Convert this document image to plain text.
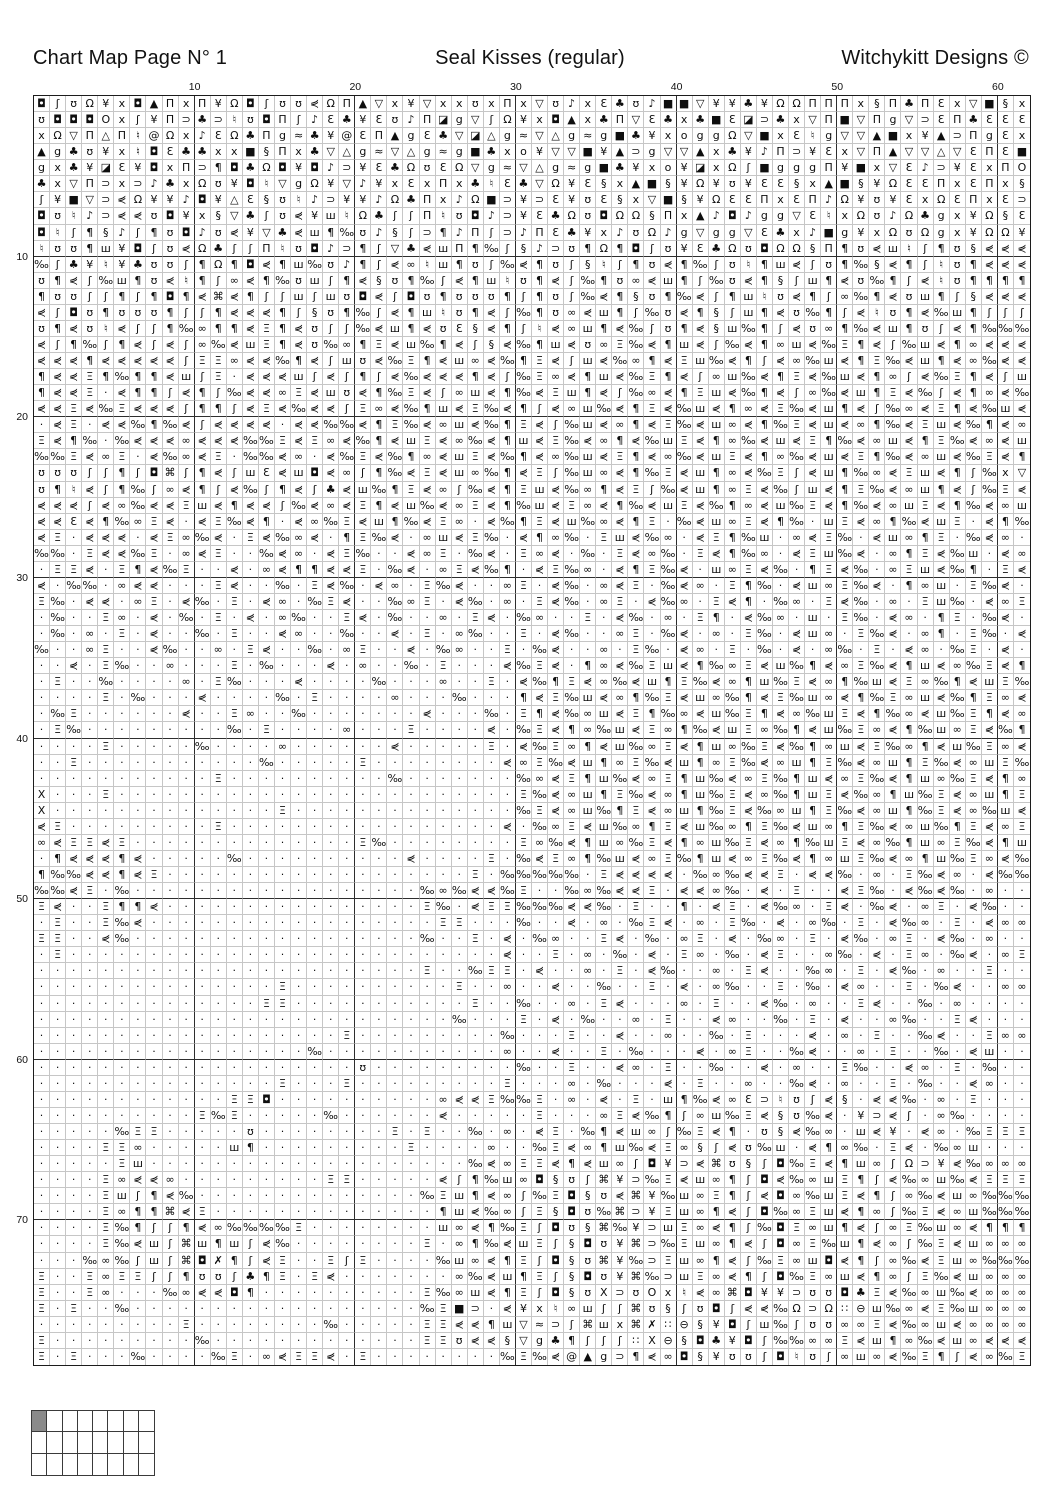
Chart Map Page N° 1	Seal Kisses (regular)	Witchykitt Designs ©
◘ ʃ ʊ Ω ¥ x ◘ ▲ Π x Π ¥ Ω ◘ ʃ ʊ ʊ ⋞ Ω Π ▲ ▽ x ¥ ▽ x x ʊ x Π x ▽ ʊ ♪ x Ɛ ♣ ʊ ♪ ■ ■ ▽ ¥ ¥ ♣ ¥ Ω Ω Π Π Π x § Π ♣ Π Ɛ x ▽ ■ § x
ʊ ◘ ◘ ◘ O x ʃ ¥ Π ⊃ ♣ ⊃ ♮ ʊ ◘ Π ʃ ♪ Ɛ ♣ ¥ Ɛ ʊ ♪ Π ◪ g ▽ ʃ Ω ¥ x ◘ ▲ x ♣ Π ▽ Ɛ ♣ x ♣ ■ Ɛ ◪ ⊃ ♣ x ▽ Π ■ ▽ Π g ▽ ⊃ Ɛ Π ♣ Ɛ Ɛ Ɛ
x Ω ▽ Π △ Π ♮ @ Ω x ♪ Ɛ Ω ♣ Π g ≈ ♣ ¥ @ Ɛ Π ▲ g Ɛ ♣ ▽ ◪ △ g ≈ ▽ △ g ≈ g ■ ♣ ¥ x o g g Ω ▽ ■ x Ɛ ♮ g ▽ ▽ ▲ ■ x ¥ ▲ ⊃ Π g Ɛ x
▲ g ♣ ʊ ¥ x ♮ ◘ Ɛ ♣ ♣ x x ■ § Π x ♣ ▽ △ g ≈ ▽ △ g ≈ g ■ ♣ x o ¥ ▽ ▽ ■ ¥ ▲ ⊃ g ▽ ▽ ▲ x ♣ ¥ ♪ Π ⊃ ¥ Ɛ x ▽ Π ▲ ▽ ▽ △ ▽ Ɛ Π Ɛ ■
g x ♣ ¥ ◪ Ɛ ¥ ◘ x Π ⊃ ¶ ◘ ♣ Ω ◘ ¥ ◘ ♪ ⊃ ¥ Ɛ ♣ Ω ʊ Ɛ Ω ▽ g ≈ ▽ △ g ≈ g ■ ♣ ¥ x o ¥ ◪ x Ω ʃ ■ g g g Π ¥ ■ x ▽ Ɛ ♪ ⊃ ¥ Ɛ x Π O
♣ x ▽ Π ⊃ x ⊃ ♪ ♣ x Ω ʊ ¥ ◘ ♮ ▽ g Ω ¥ ▽ ♪ ¥ x Ɛ x Π x ♣ ♮ Ɛ ♣ ▽ Ω ¥ Ɛ § x ▲ ■ § ¥ Ω ¥ ʊ ¥ Ɛ Ɛ § x ▲ ■ § ¥ Ω Ɛ Ɛ Π x Ɛ Π x §
ʃ ¥ ■ ▽ ⊃ ⋞ Ω ¥ ¥ ♪ ◘ ¥ △ Ɛ § ʊ ♮ ♪ ⊃ ¥ ¥ ♪ Ω ♣ Π x ♪ Ω ■ ⊃ ¥ ⊃ Ɛ ¥ ʊ Ɛ § x ▽ ■ § ¥ Ω Ɛ Ɛ Π x Ɛ Π ♪ Ω ¥ ʊ ¥ Ɛ x Ω Ɛ Π x Ɛ ⊃
◘ ʊ ♮ ♪ ⊃ ⋞ ⋞ ʊ ◘ ¥ x § ▽ ♣ ʃ ʊ ⋞ ¥ ш ♮ Ω ♣ ʃ	ʃ Π ♮ ʊ ◘ ♪ ⊃ ¥ Ɛ ♣ Ω ʊ ◘ Ω Ω § Π x ▲ ♪ ◘ ♪ g g ▽ Ɛ ♮ x Ω ʊ ♪ Ω ♣ g x ¥ Ω § Ɛ
◘ ♮	ʃ ¶ § ♪ ʃ ¶ ʊ ◘ ♪ ʊ ⋞ ¥ ▽ ♣ ⋞ ш ¶ ‰ ʊ ♪ §	ʃ ⊃ ¶ ♪ Π ʃ ⊃ ♪ Π Ɛ ♣ ¥ x ♪ ʊ Ω ♪ g ▽ g g ▽ Ɛ ♣ x ♪ ■ g ¥ x Ω ʊ Ω g x ¥ Ω Ω ¥
♮ ʊ ʊ ¶ ш ¥ ◘ ʃ ʊ ⋞ Ω ♣ ʃ	ʃ Π ♮ ʊ ◘ ♪ ⊃ ¶ ʃ ▽ ♣ ⋞ ш Π ¶ ‰ ʃ	§ ♪ ⊃ ʊ ¶ Ω ¶ ◘ ʃ ʊ ¥ Ɛ ♣ Ω ʊ ◘ Ω Ω § Π ¶ ʊ ⋞ ш ♮	ʃ ¶ ʊ § ⋞ ⋞ ⋞
‰ ʃ ♣ ¥ ♮ ¥ ♣ ʊ ʊ ʃ ¶ Ω ¶ ◘ ⋞ ¶ ш ‰ ʊ ♪ ¶ ʃ ⋞ ∞ ♮ ш ¶ ʊ ʃ ‰ ⋞ ¶ ʊ ʃ	§	♮	ʃ ¶ ʊ ⋞ ¶ ‰ ʃ ʊ ♮ ¶ ш ⋞ ʃ ʊ ¶ ‰ § ⋞ ¶ ʃ	♮ ʊ ¶ ⋞ ⋞ ⋞
ʊ ¶ ⋞ ʃ ‰ ш ¶ ʊ ⋞ ♮ ¶ ʃ ∞ ⋞ ¶ ‰ ʊ ш ʃ ¶ ⋞ § ʊ ¶ ‰ ʃ ⋞ ¶ ш ♮ ʊ ¶ ⋞ ʃ ‰ ¶ ʊ ∞ ⋞ ш ¶ ʃ ‰ ʊ ⋞ ¶ §	ʃ ш ¶ ⋞ ʊ ‰ ¶ ʃ ⋞ ♮ ʊ ¶ ¶ ¶ ¶
¶ ʊ ʊ ʃ	ʃ ¶ ʃ ¶ ◘ ¶ ⋞ ⌘ ⋞ ¶ ʃ	ʃ ш ʃ ш ʊ ◘ ⋞ ʃ ◘ ʊ ¶ ʊ ʊ ʊ ¶ ʃ ¶ ʊ ʃ ‰ ⋞ ¶ § ʊ ¶ ‰ ⋞ ʃ ¶ ш ♮ ʊ ⋞ ¶ ʃ ∞ ‰ ¶ ⋞ ʊ ш ¶ ʃ	§ ⋞ ⋞ ⋞
⋞ ʃ ◘ ʊ ¶ ʊ ʊ ʊ ¶ ʃ	ʃ ¶ ⋞ ⋞ ⋞ ¶ ʃ	§ ʊ ¶ ‰ ʃ ⋞ ¶ ш ♮ ʊ ¶ ⋞ ʃ ‰ ¶ ʊ ∞ ⋞ ш ¶ ʃ ‰ ʊ ⋞ ¶ §	ʃ ш ¶ ⋞ ʊ ‰ ¶ ʃ ⋞ ♮ ʊ ¶ ⋞ ‰ ш ¶ ʃ	ʃ	ʃ
ʊ ¶ ⋞ ʊ ♮ ⋞ ʃ	ʃ ¶ ‰ ∞ ¶ ¶ ⋞ Ξ ¶ ⋞ ʊ ʃ	ʃ ‰ ⋞ ш ¶ ⋞ ʊ Ɛ § ⋞ ¶ ʃ	♮ ⋞ ∞ ш ¶ ⋞ ‰ ʃ ʊ ¶ ⋞ § ш ‰ ¶ ʃ ⋞ ʊ ∞ ¶ ‰ ⋞ ш ¶ ʊ ʃ ⋞ ¶ ‰ ‰ ‰
⋞ ʃ ¶ ‰ ʃ ¶ ⋞ ʃ ⋞ ʃ ∞ ‰ ⋞ ш Ξ ¶ ⋞ ʊ ‰ ∞ ¶ Ξ ⋞ ш ‰ ¶ ⋞ ʃ	§ ⋞ ‰ ¶ ш ⋞ ʊ ∞ Ξ ‰ ⋞ ¶ ш ⋞ ʃ ‰ ⋞ ¶ ∞ ш ⋞ ‰ Ξ ¶ ⋞ ʃ ‰ ш ⋞ ¶ ∞ ⋞ ⋞ ⋞
⋞ ⋞ ⋞ ¶ ⋞ ⋞ ⋞ ⋞ ⋞ ʃ Ξ Ξ ∞ ⋞ ⋞ ‰ ¶ ⋞ ʃ ш ʊ ⋞ ‰ Ξ ¶ ⋞ ш ∞ ⋞ ‰ ¶ Ξ ⋞ ʃ ш ⋞ ‰ ∞ ¶ ⋞ Ξ ш ‰ ⋞ ¶ ʃ ⋞ ∞ ‰ ш ⋞ ¶ Ξ ‰ ⋞ ш ¶ ⋞ ∞ ‰ ⋞ ⋞
¶ ⋞ ⋞ Ξ ¶ ‰ ¶ ¶ ⋞ ш ʃ Ξ · ⋞ ⋞ ⋞ ш ʃ ⋞ ʃ ¶ ʃ ⋞ ‰ ⋞ ⋞ ⋞ ¶ ⋞ ʃ ‰ Ξ ∞ ⋞ ¶ ш ⋞ ‰ Ξ ¶ ⋞ ʃ ∞ ш ‰ ⋞ ¶ Ξ ⋞ ‰ ш ⋞ ¶ ∞ ʃ ⋞ ‰ Ξ ¶ ⋞ ʃ ш
¶ ⋞ ⋞ Ξ · ⋞ ¶ ¶ ʃ ⋞ ¶ ʃ ‰ ⋞ ⋞ ∞ Ξ ⋞ ш ʊ ⋞ ¶ ‰ Ξ ⋞ ʃ ∞ ш ⋞ ¶ ‰ ⋞ Ξ ш ¶ ⋞ ʃ ‰ ∞ ⋞ ¶ Ξ ш ⋞ ‰ ¶ ⋞ ʃ ∞ ‰ ⋞ ш ¶ Ξ ⋞ ‰ ʃ ⋞ ¶ ∞ ⋞ ‰
⋞ ⋞ Ξ ⋞ ‰ Ξ ⋞ ⋞ ⋞ ʃ ¶ ¶ ʃ ⋞ Ξ ⋞ ‰ ⋞ ⋞ ʃ Ξ ∞ ⋞ ‰ ¶ ш ⋞ Ξ ‰ ⋞ ¶ ʃ ⋞ ∞ ш ‰ ⋞ ¶ Ξ ⋞ ‰ ш ⋞ ¶ ∞ ⋞ Ξ ‰ ⋞ ш ¶ ⋞ ʃ ‰ ∞ ⋞ Ξ ¶ ⋞ ‰ ш ⋞
· ⋞ Ξ · ⋞ ⋞ ‰ ¶ ‰ ⋞ ʃ ⋞ ⋞ ⋞ ⋞ · ⋞ ⋞ ‰ ‰ ⋞ ¶ Ξ ‰ ⋞ ∞ ш ⋞ ‰ ¶ Ξ ⋞ ʃ ‰ ш ⋞ ∞ ¶ ⋞ Ξ ‰ ⋞ ш ∞ ⋞ ¶ ‰ Ξ ⋞ ш ⋞ ∞ ¶ ‰ ⋞ Ξ ш ⋞ ‰ ¶ ⋞ ∞
Ξ ⋞ ¶ ‰ · ‰ ⋞ ⋞ ⋞ ∞ ⋞ ⋞ ⋞ ‰ ‰ Ξ ⋞ Ξ ∞ ⋞ ‰ ¶ ⋞ ш Ξ ⋞ ∞ ‰ ⋞ ¶ ш ⋞ Ξ ‰ ⋞ ∞ ¶ ⋞ ‰ ш Ξ ⋞ ¶ ∞ ‰ ⋞ ш ⋞ Ξ ¶ ‰ ⋞ ∞ ш ⋞ ¶ Ξ ‰ ⋞ ∞ ⋞ ш
‰ ‰ Ξ ⋞ ∞ Ξ · ⋞ ‰ ∞ ⋞ Ξ · ‰ ‰ ⋞ ∞ · ⋞ ‰ Ξ ⋞ ‰ ¶ ∞ ⋞ ш Ξ ⋞ ‰ ¶ ⋞ ∞ ‰ ш ⋞ Ξ ¶ ⋞ ∞ ‰ ⋞ ш Ξ ⋞ ¶ ∞ ‰ ⋞ ш ⋞ Ξ ¶ ‰ ⋞ ∞ ш ⋞ ‰ Ξ ⋞ ¶
ʊ ʊ ʊ ʃ	ʃ ¶ ʃ ◘ ⌘ ʃ ¶ ⋞ ʃ ш Ɛ ⋞ ш ◘ ⋞ ∞ ʃ ¶ ‰ ⋞ Ξ ⋞ ш ∞ ‰ ¶ ⋞ Ξ ʃ ‰ ш ∞ ⋞ ¶ ‰ Ξ ⋞ ш ¶ ∞ ⋞ ‰ Ξ ʃ ⋞ ш ¶ ‰ ∞ ⋞ Ξ ш ⋞ ¶ ʃ ‰ x ▽
ʊ ¶ ♮ ⋞ ʃ ¶ ‰ ʃ ∞ ⋞ ¶ ʃ ⋞ ‰ ʃ ¶ ⋞ ʃ ♣ ⋞ ш ‰ ¶ Ξ ⋞ ∞ ʃ ‰ ⋞ ¶ Ξ ш ⋞ ‰ ∞ ¶ ⋞ Ξ ʃ ‰ ⋞ ш ¶ ∞ Ξ ⋞ ‰ ʃ ш ⋞ ¶ Ξ ‰ ⋞ ∞ ш ¶ ⋞ ʃ ‰ Ξ ⋞
⋞ ⋞ ⋞ ʃ ⋞ ∞ ‰ ⋞ ⋞ Ξ ш ⋞ ¶ ⋞ ⋞ ʃ ‰ ⋞ ∞ ⋞ Ξ ¶ ⋞ ш ‰ ⋞ ∞ Ξ ⋞ ¶ ‰ ш ⋞ Ξ ∞ ⋞ ¶ ‰ ⋞ ш Ξ ⋞ ‰ ¶ ∞ ⋞ ш ‰ Ξ ⋞ ¶ ‰ ⋞ ∞ ш Ξ ⋞ ¶ ‰ ⋞ ∞ ш
⋞ ⋞ Ɛ ⋞ ¶ ‰ ∞ Ξ ⋞ · ⋞ Ξ ‰ ⋞ ¶ · ⋞ ∞ ‰ Ξ ⋞ ш ¶ ‰ ⋞ Ξ ∞ · ⋞ ‰ ¶ Ξ ⋞ ш ‰ ∞ ⋞ ¶ Ξ · ‰ ⋞ ш ∞ Ξ ⋞ ¶ ‰ · ш Ξ ⋞ ∞ ¶ ‰ ⋞ ш Ξ · ⋞ ¶ ‰
⋞ Ξ · ⋞ ⋞ ⋞ · ⋞ Ξ ∞ ‰ ⋞ · Ξ ⋞ ‰ ∞ ⋞ · ¶ Ξ ‰ ⋞ · ∞ ш ⋞ Ξ ‰ · ⋞ ¶ ∞ ‰ · Ξ ш ⋞ ‰ ∞ · ⋞ Ξ ¶ ‰ ш · ∞ ⋞ Ξ ‰ · ⋞ ш ∞ ¶ Ξ · ‰ ⋞ ∞ ·
‰ ‰ · Ξ ⋞ ⋞ ‰ Ξ · ∞ ⋞ Ξ ·	· ‰ ⋞ ∞ · ⋞ Ξ ‰ ·	· ⋞ ∞ Ξ · ‰ ⋞ · Ξ ∞ ⋞ · ‰ · Ξ ⋞ ∞ ‰ · Ξ ⋞ ¶ ‰ ∞ · ⋞ Ξ ш ‰ ⋞ · ∞ ¶ Ξ ⋞ ‰ ш · ⋞ ∞
· Ξ Ξ ⋞ · Ξ ¶ ⋞ ‰ Ξ ·	· ⋞ · ∞ ⋞ ¶ ¶ ⋞ ⋞ Ξ · ‰ ⋞ · ∞ Ξ ⋞ ‰ ¶ · ⋞ Ξ ‰ ∞ · ⋞ ¶ Ξ ‰ ⋞ · ш ∞ Ξ ⋞ ‰ · ¶ Ξ ⋞ ‰ · ∞ Ξ ш ⋞ ‰ ¶ · Ξ ⋞
⋞ · ‰ ‰ · ∞ ⋞ ⋞ ·	·	· Ξ ⋞ ·	· ‰ · Ξ ⋞ ‰ · ⋞ ∞ · Ξ ‰ ⋞ ·	· ∞ Ξ · ⋞ ‰ · ∞ ⋞ Ξ · ‰ ⋞ ∞ · Ξ ¶ ‰ · ⋞ ш ∞ Ξ ‰ ⋞ · ¶ ∞ ш · Ξ ‰ ⋞ ·
Ξ ‰ · ⋞ ⋞ · ∞ Ξ · ⋞ ‰ · Ξ · ⋞ ∞ · ‰ Ξ ⋞ ·	· ‰ ∞ Ξ · ⋞ ‰ · ∞ · Ξ ⋞ ‰ · ∞ Ξ · ⋞ ‰ ∞ · Ξ ⋞ ¶ · ‰ ∞ · Ξ ⋞ ‰ · ∞ · Ξ ш ‰ · ⋞ ∞ Ξ
· ‰ ·	· Ξ ∞ · ⋞ · ‰ · Ξ · ⋞ · ∞ ‰ ·	· Ξ ⋞ · ‰ ·	· ∞ · Ξ ⋞ · ‰ ∞ ·	· Ξ · ⋞ ‰ · ∞ · Ξ ¶ · ⋞ ‰ ∞ · ш · Ξ ‰ · ⋞ ∞ · ¶ Ξ · ‰ ⋞ ·
· ‰ · ∞ · Ξ · ⋞ ·	· ‰ · Ξ ·	· ⋞ ∞ ·	· ‰ ·	· ⋞ · Ξ · ∞ ‰ ·	· Ξ · ⋞ ‰ ·	· ∞ Ξ · ‰ ⋞ · ∞ · Ξ ‰ · ⋞ ш ∞ · Ξ ‰ ⋞ · ∞ ¶ · Ξ ‰ · ⋞
‰ ·	· ∞ Ξ ·	· ⋞ ‰ ·	· ∞ · Ξ ⋞ ·	· ‰ · ∞ Ξ ·	· ⋞ · ‰ ∞ ·	· Ξ · ‰ ⋞ ·	· ∞ · Ξ ‰ · ⋞ ∞ · Ξ · ‰ · ⋞ · ∞ ‰ · Ξ · ⋞ ∞ · ‰ Ξ · ⋞ ·
·	· ⋞ · Ξ ‰ ·	· ∞ ·	·	· Ξ · ‰ ·	·	· ⋞ · ∞ ·	· ‰ · Ξ ·	·	· ⋞ ‰ Ξ ⋞ · ¶ ∞ ⋞ ‰ Ξ ш ⋞ ¶ ‰ ∞ Ξ ⋞ ш ‰ ¶ ⋞ ∞ Ξ ‰ ⋞ ¶ ш ⋞ ∞ ‰ Ξ ⋞ ¶
· Ξ ·	· ‰ ·	·	·	· ∞ · Ξ ‰ ·	·	· ⋞ ·	·	·	· ‰ ·	·	· ∞ ·	· Ξ · ⋞ ‰ ¶ Ξ ⋞ ∞ ‰ ⋞ ш ¶ Ξ ‰ ⋞ ∞ ¶ ш ‰ Ξ ⋞ ∞ ¶ ‰ ш ⋞ Ξ ∞ ‰ ¶ ⋞ ш Ξ ‰
·	·	·	· Ξ · ‰ ·	·	· ⋞ ·	·	·	· ‰ · Ξ ·	·	·	· ∞ ·	·	· ‰ ·	·	· ¶ ⋞ Ξ ‰ ш ⋞ ∞ ¶ ‰ Ξ ⋞ ш ∞ ‰ ¶ ⋞ Ξ ‰ ш ∞ ⋞ ¶ ‰ Ξ ∞ ш ⋞ ‰ ¶ Ξ ∞ ⋞
· ‰ Ξ ·	·	·	·	·	· ⋞ ·	· Ξ ∞ ·	· ‰ ·	·	·	·	·	·	· ⋞ ·	·	· ‰ · Ξ ¶ ⋞ ‰ ∞ ш ⋞ Ξ ¶ ‰ ∞ ⋞ ш ‰ Ξ ¶ ⋞ ∞ ‰ ш Ξ ⋞ ¶ ‰ ∞ ⋞ ш ‰ Ξ ¶ ⋞ ∞
· Ξ ‰ ·	·	·	·	·	·	·	·	· ‰ · Ξ ·	·	·	· ∞ ·	·	· Ξ ·	·	·	· ⋞ · ‰ Ξ ⋞ ¶ ∞ ‰ ш ⋞ Ξ ∞ ¶ ‰ ⋞ ш Ξ ∞ ‰ ¶ ⋞ ш ‰ Ξ ∞ ⋞ ¶ ‰ ш ∞ Ξ ⋞ ‰ ¶
·	·	·	· Ξ ·	·	·	·	· ‰ ·	·	·	· ∞ ·	·	·	·	·	· ⋞ ·	·	·	·	· Ξ · ⋞ ‰ Ξ ∞ ¶ ⋞ ш ‰ ∞ Ξ ⋞ ¶ ш ∞ ‰ Ξ ⋞ ‰ ¶ ∞ ш ⋞ Ξ ‰ ∞ ¶ ⋞ ш ‰ Ξ ∞ ⋞
·	· Ξ ·	·	·	·	·	·	·	·	·	·	· ‰ ·	·	·	·	· Ξ ·	·	·	·	·	·	·	· ⋞ ∞ Ξ ‰ ⋞ ш ¶ ∞ Ξ ‰ ⋞ ш ¶ ∞ Ξ ‰ ⋞ ∞ ш ¶ Ξ ‰ ⋞ ∞ ш ¶ Ξ ‰ ⋞ ∞ ш Ξ ‰
·	·	·	·	·	·	·	·	·	·	· Ξ ·	·	·	·	·	·	·	·	·	· ‰ ·	·	·	·	·	·	· ‰ ∞ ⋞ Ξ ¶ ш ‰ ⋞ ∞ Ξ ¶ ш ‰ ⋞ ∞ Ξ ‰ ¶ ш ⋞ ∞ Ξ ‰ ⋞ ¶ ш ∞ ‰ Ξ ⋞ ¶ ∞
X ·	·	· Ξ ·	·	·	·	·	·	·	·	·	·	·	·	·	·	·	·	·	·	·	·	·	·	·	·	· Ξ ‰ ⋞ ∞ ш ¶ Ξ ‰ ⋞ ∞ ¶ ш ‰ Ξ ⋞ ∞ ‰ ¶ ш Ξ ⋞ ‰ ∞ ¶ ш ‰ Ξ ⋞ ∞ ш ¶ Ξ
X ·	·	·	·	·	·	·	·	·	·	·	·	·	· Ξ ·	·	·	·	·	·	·	·	·	·	·	·	·	· ‰ Ξ ⋞ ∞ ш ‰ ¶ Ξ ⋞ ∞ ш ¶ ‰ Ξ ⋞ ‰ ∞ ш ¶ Ξ ‰ ⋞ ∞ ш ¶ ‰ Ξ ⋞ ∞ ‰ ш ⋞
⋞ Ξ ·	·	·	·	·	·	·	·	· Ξ ·	·	·	·	·	·	·	·	·	·	·	·	·	·	·	·	· ⋞ · ‰ ∞ Ξ ⋞ ш ‰ ∞ ¶ Ξ ⋞ ш ‰ ∞ ¶ Ξ ‰ ⋞ ш ∞ ¶ Ξ ‰ ⋞ ∞ ш ‰ ¶ Ξ ⋞ ∞ Ξ
∞ ⋞ Ξ Ξ ⋞ Ξ ·	·	·	·	·	·	·	·	·	·	·	·	·	· Ξ ‰ ·	·	·	·	·	·	·	· Ξ ∞ ‰ ⋞ ¶ ш ∞ ‰ Ξ ⋞ ¶ ∞ ш ‰ Ξ ⋞ ∞ ¶ ‰ ш Ξ ⋞ ∞ ‰ ¶ ш ∞ Ξ ‰ ⋞ ¶ ш
· ¶ ⋞ ⋞ ⋞ ¶ ⋞ ·	·	·	·	· ‰ ·	·	·	·	·	·	·	·	·	· ⋞ ·	·	·	· Ξ · ‰ ⋞ Ξ ∞ ¶ ‰ ш ⋞ ∞ Ξ ‰ ¶ ш ⋞ ∞ Ξ ‰ ⋞ ¶ ∞ ш Ξ ‰ ⋞ ∞ ¶ ш ‰ Ξ ∞ ⋞ ‰
¶ ‰ ‰ ⋞ ⋞ ¶ ⋞ Ξ ·	·	·	·	·	·	·	·	·	·	·	·	·	·	·	·	·	·	· Ξ · ‰ ‰ ‰ ‰ ‰ · Ξ ⋞ ⋞ ⋞ ⋞ · ‰ ∞ ‰ ⋞ ⋞ Ξ · ⋞ ⋞ ‰ · ∞ · Ξ ‰ ⋞ ∞ · ⋞ ‰ ‰
‰ ‰ ⋞ Ξ · ‰ ·	·	·	·	·	·	·	·	·	·	·	·	·	·	·	·	·	· ‰ ∞ ‰ ⋞ ⋞ ‰ Ξ ·	· ‰ ∞ ‰ ⋞ ⋞ Ξ · ⋞ ⋞ ∞ ‰ · ⋞ · Ξ ·	· ⋞ Ξ ‰ · ⋞ ‰ ⋞ ‰ · ∞ ·	·
Ξ ⋞ ·	· Ξ ¶ ¶ ⋞ ·	·	·	·	·	·	·	·	·	·	·	·	·	·	·	· Ξ ‰ · ⋞ Ξ Ξ ‰ ‰ ‰ ⋞ ⋞ ‰ · Ξ ·	· ¶ · ⋞ Ξ · ⋞ ‰ ∞ · Ξ ⋞ · ‰ ⋞ · ∞ Ξ · ⋞ ‰ ·	·
· Ξ ·	· Ξ ‰ ⋞ ·	·	·	·	·	·	·	·	·	·	·	·	·	·	·	·	·	· Ξ Ξ ·	·	· ‰ ·	· ⋞ · ∞ · ‰ Ξ ⋞ · ∞ · Ξ ‰ · ⋞ · ∞ ‰ · Ξ · ⋞ ‰ ∞ · Ξ · ⋞ ∞ ∞
Ξ Ξ ·	· ⋞ ‰ ·	·	·	·	·	·	·	·	·	·	·	·	·	·	·	·	·	· ‰ ·	· Ξ · ⋞ · ‰ ∞ ·	· Ξ ⋞ · ‰ · ∞ Ξ · ⋞ · ‰ ∞ · Ξ · ⋞ ‰ · ∞ Ξ · ⋞ ‰ · ∞ ·	·
· Ξ ·	·	·	·	·	·	·	·	·	·	·	·	·	·	·	·	·	·	·	·	·	·	·	·	·	·	· ⋞ ·	· Ξ · ∞ · ‰ · ⋞ · Ξ ∞ · ‰ · ⋞ Ξ ·	· ∞ ‰ · ⋞ · Ξ ∞ · ‰ ⋞ · ∞ Ξ
·	·	·	·	·	·	·	·	·	·	·	·	·	·	·	·	·	·	·	·	·	·	·	· Ξ ·	· ‰ Ξ Ξ · ⋞ ·	· ∞ · Ξ · ⋞ ‰ ·	· ∞ · Ξ ⋞ ·	· ‰ ∞ · Ξ · ⋞ ‰ · ∞ ·	· Ξ ·	·
·	·	·	·	·	·	·	·	·	·	·	·	·	·	· Ξ ·	·	·	·	·	·	·	·	·	· Ξ ·	· ∞ ·	· ⋞ ·	· ‰ ·	· Ξ · ⋞ · ∞ ‰ ·	· Ξ · ‰ · ⋞ ∞ ·	· Ξ · ‰ ⋞ ·	· ∞ ∞
·	·	·	·	·	·	·	·	·	·	·	·	·	· Ξ Ξ ·	·	·	·	·	·	·	·	·	·	· Ξ ·	· ‰ ·	· ∞ · Ξ ⋞ ·	·	· ∞ · Ξ ·	· ⋞ ‰ · ∞ ·	· Ξ ⋞ ·	· ‰ · ∞ ·	·	·	·
·	·	·	·	·	·	·	·	·	·	·	·	·	·	·	·	·	·	·	·	·	·	·	·	·	· ‰ ·	·	· Ξ · ⋞ · ‰ ·	· ∞ · Ξ ·	· ⋞ ∞ ·	· ‰ · Ξ · ⋞ ·	· ∞ ‰ ·	· Ξ ⋞ ·	·	·
·	·	·	·	·	·	·	·	·	·	·	·	·	·	·	·	·	·	· Ξ ·	·	·	·	·	·	·	·	· ‰ ·	·	· Ξ ·	· ⋞ ·	· ∞ ·	· ‰ · Ξ ·	·	· ⋞ · ∞ · Ξ ·	· ‰ ⋞ ·	· Ξ ∞ ∞
·	·	·	·	·	·	·	·	·	·	·	·	·	·	·	·	· ‰ ·	·	·	·	·	·	·	·	·	·	· ∞ ·	· ⋞ ·	· Ξ · ‰ ·	·	· ⋞ · ∞ Ξ ·	· ‰ ⋞ ·	· ∞ · Ξ ·	· ‰ · ⋞ ш ·	·
·	·	·	·	·	·	·	·	·	·	·	·	·	·	·	·	·	·	·	· ʊ ·	·	·	·	·	·	·	·	· ‰ ·	· Ξ ·	· ⋞ ∞ · Ξ ·	· ‰ ·	· ⋞ · ∞ ·	· Ξ ‰ ·	· ⋞ ∞ · Ξ · ‰ ·	·
·	·	·	·	·	·	·	·	·	·	·	·	·	·	· Ξ ·	·	· Ξ ·	·	·	·	·	·	·	·	· Ξ ·	·	· ∞ · ‰ ·	·	· ⋞ · Ξ ·	· ∞ ·	· ‰ ⋞ · ∞ ·	· Ξ · ‰ ·	· ⋞ ∞ ·	·
·	·	·	·	·	·	·	·	·	·	·	· Ξ Ξ ◘ ·	·	·	·	·	·	·	·	·	· ∞ ⋞ ⋞ Ξ ‰ ‰ Ξ · ∞ · ⋞ · Ξ · ш ¶ ‰ ⋞ ∞ Ɛ ⊃ ♮ ʊ ʃ ⋞ §	· ⋞ ⋞ ‰ · ∞ · Ξ ·	·	·
·	·	·	·	·	·	·	·	·	· Ξ ‰ Ξ ·	·	·	·	· ‰ ·	·	·	·	·	· ⋞ ·	·	·	·	· Ξ ·	·	· ∞ Ξ ⋞ ‰ ¶ ʃ ∞ ш ‰ Ξ ⋞ § ʊ ‰ ⋞ · ¥ ⊃ ⋞ ʃ	· ∞ ‰ ·	·	·	·
·	·	·	·	· ‰ Ξ Ξ ·	·	·	·	· ʊ ·	·	·	·	·	·	·	· Ξ · Ξ ·	· ‰ · ∞ · ⋞ Ξ · ‰ ¶ ⋞ ш ∞ ʃ ‰ Ξ ⋞ ¶ · ʊ § ⋞ ‰ ∞ · ш ⋞ ¥ · ⋞ ∞ · ‰ Ξ Ξ Ξ
·	·	·	· Ξ Ξ ∞ ·	·	·	·	· ш ¶ ·	·	·	·	·	·	·	·	· Ξ ·	·	·	· ∞ ·	· ‰ Ξ ⋞ ∞ ¶ ш ‰ ⋞ Ξ ∞ §	ʃ ⋞ ʊ ‰ ш · ⋞ ¶ ∞ ‰ · Ξ ⋞ · ‰ ∞ ш ·	·	·
·	·	·	·	· Ξ ш ·	·	·	·	·	·	·	·	·	·	·	·	·	·	·	·	·	·	·	· ‰ ⋞ ∞ Ξ Ξ ⋞ ¶ ⋞ ш ∞ ʃ ◘ ¥ ⊃ ⋞ ⌘ ʊ §	ʃ ◘ ‰ Ξ ⋞ ¶ ш ∞ ʃ Ω ⊃ ¥ ⋞ ‰ ∞ ∞ ∞
·	·	·	· Ξ ∞ ⋞ ⋞ ∞ ·	·	·	·	·	·	·	·	· Ξ Ξ ·	·	·	·	· ⋞ ʃ ¶ ‰ ш ∞ ◘ § ʊ ʃ ⌘ ¥ ⊃ ‰ Ξ ⋞ ш ∞ ¶ ʃ ◘ ⋞ ‰ ∞ ш Ξ ¶ ʃ ⋞ ‰ ∞ ш ‰ ⋞ Ξ Ξ Ξ
·	·	·	· Ξ ш ʃ ¶ ⋞ ‰ ·	·	·	·	·	·	·	·	·	·	·	·	·	· ‰ Ξ ш ¶ ⋞ ∞ ʃ ‰ Ξ ◘ § ʊ ⋞ ⌘ ¥ ‰ ш ∞ Ξ ¶ ʃ ⋞ ◘ ∞ ‰ ш Ξ ⋞ ¶ ʃ ∞ ‰ ⋞ ш ∞ ‰ ‰ ‰
·	·	·	· Ξ ∞ ¶ ¶ ⌘ ⋞ Ξ ·	·	·	·	·	·	·	·	·	·	·	·	·	· ¶ ш ⋞ ‰ ∞ ʃ Ξ § ◘ ʊ ‰ ⌘ ⊃ ¥ Ξ ш ∞ ¶ ⋞ ʃ ◘ ‰ ∞ Ξ ш ⋞ ¶ ∞ ʃ ‰ Ξ ⋞ ∞ ш ‰ ‰ ‰
·	·	·	· Ξ ‰ ¶ ʃ	ʃ ¶ ⋞ ∞ ‰ ‰ ‰ ‰ Ξ ·	·	·	·	·	·	·	· ш ∞ ⋞ ¶ ‰ Ξ ʃ ◘ ʊ § ⌘ ‰ ¥ ⊃ ш Ξ ∞ ⋞ ¶ ʃ ‰ ◘ Ξ ∞ ш ¶ ⋞ ʃ ∞ Ξ ‰ ш ∞ ⋞ ¶ ¶ ¶
·	·	·	· Ξ ‰ ⋞ ш ʃ ⌘ ш ¶ ш ʃ ⋞ ‰ ·	·	·	·	·	·	·	· Ξ · ∞ ¶ ‰ ⋞ ш Ξ ʃ	§ ◘ ʊ ¥ ⌘ ⊃ ‰ Ξ ш ∞ ¶ ⋞ ʃ ◘ ∞ Ξ ‰ ш ¶ ⋞ ∞ ʃ ‰ Ξ ⋞ ш ∞ ∞ ∞
·	·	· ‰ ∞ ‰ ʃ ш ʃ ⌘ ◘ ✗ ¶ ʃ ⋞ Ξ ·	· Ξ ʃ Ξ ·	·	·	· ‰ ш ∞ ⋞ ¶ Ξ ʃ ◘ § ʊ ⌘ ¥ ‰ ⊃ Ξ ш ∞ ¶ ⋞ ʃ ‰ Ξ ∞ ш ◘ ⋞ ¶ ʃ ∞ ‰ ⋞ Ξ ш ∞ ‰ ‰ ‰
Ξ ·	· Ξ ∞ Ξ Ξ ʃ	ʃ ¶ ʊ ʊ ʃ ♣ ¶ Ξ · Ξ ⋞ ·	·	·	·	·	·	· ∞ ‰ ⋞ ш ¶ Ξ ʃ	§ ◘ ʊ ¥ ⌘ ‰ ⊃ ш Ξ ∞ ⋞ ¶ ʃ ◘ ‰ Ξ ∞ ш ⋞ ¶ ∞ ʃ Ξ ‰ ⋞ ш ∞ ∞ ∞
Ξ ·	· Ξ ∞ ·	·	· ‰ ∞ ⋞ ⋞ ◘ ¶ ·	·	·	·	·	·	·	·	·	· Ξ ‰ ∞ ш ⋞ ¶ Ξ ʃ ◘ § ʊ X ⊃ ʊ O x ♮ ⋞ ∞ ⌘ ◘ ¥ ¥ ⊃ ʊ ʊ ◘ ♣ Ξ ⋞ ‰ ∞ ш ‰ ⋞ ∞ ∞ ∞
Ξ · Ξ ·	· ‰ ·	·	·	·	·	·	·	·	·	·	·	·	·	·	·	·	·	· ‰ Ξ ■ ⊃ · ⋞ ¥ x ♮ ∞ ш ʃ	ʃ ⌘ ʊ §	ʃ ʊ ◘ ʃ ⋞ ⋞ ‰ Ω ⊃ Ω ∷ ⊖ ш ‰ ∞ ⋞ Ξ ‰ ш ∞ ∞ ∞
·	·	·	·	·	·	·	·	· Ξ ·	·	·	·	·	·	·	· ‰ ·	·	·	·	· Ξ Ξ ⋞ ⋞ ¶ ш ▽ ≈ ⊃ ʃ ⌘ ш x ⌘ ✗ ∷ ⊖ § ¥ ◘ ʃ ш ‰ ʃ ʊ ʊ ∞ ∞ Ξ ⋞ ‰ ∞ ш ⋞ ∞ ∞ ∞ ∞
Ξ ·	·	·	·	·	·	·	·	· ‰ ·	·	·	·	·	·	·	·	·	·	·	·	· Ξ Ξ ʊ ⋞ ⋞ § ▽ g ♣ ¶ ʃ	ʃ	ʃ ∷ X ⊖ § ◘ ♣ ¥ ◘ ʃ ‰ ‰ ∞ ∞ Ξ ⋞ ш ¶ ∞ ‰ ⋞ ш ∞ ⋞ ⋞ ⋞
Ξ · Ξ ·	·	· ‰ ·	·	·	· ‰ Ξ · ∞ ⋞ Ξ Ξ ⋞ · Ξ ·	·	·	·	·	·	·	· ‰ Ξ ‰ ⋞ @ ▲ g ⊃ ¶ ⋞ ∞ ◘ § ¥ ʊ ʊ ʃ ◘ ♮ ʊ ʃ ∞ ш ∞ ⋞ ‰ Ξ ¶ ʃ ⋞ ∞ ‰ Ξ
10	20	30	40	50	60
10
20
30
40
50
60
70
